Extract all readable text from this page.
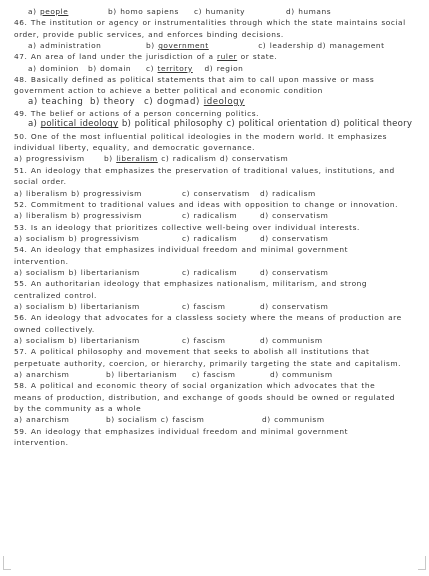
a) people	b) homo sapiens c) humanity	d) humans
46. The institution or agency or instrumentalities through which the state maintains social
order, provide public services, and enforces binding decisions.
a) administration	b) government	c) leadership d) management
47. An area of land under the jurisdiction of a ruler or state.
a) dominion b) domain c) territory d) region
48. Basically defined as political statements that aim to call upon massive or mass
government action to achieve a better political and economic condition
a) teaching b) theory c) dogmad) ideology
49. The belief or actions of a person concerning politics.
a) political ideology b) political philosophy c) political orientation d) political theory
50. One of the most influential political ideologies in the modern world. It emphasizes
individual liberty, equality, and democratic governance.
a) progressivism	b) liberalism c) radicalism d) conservatism
51. An ideology that emphasizes the preservation of traditional values, institutions, and
social order.
a) liberalism b) progressivism	c) conservatism d) radicalism
52. Commitment to traditional values and ideas with opposition to change or innovation.
a) liberalism b) progressivism	c) radicalism	d) conservatism
53. Is an ideology that prioritizes collective well-being over individual interests.
a) socialism b) progressivism	c) radicalism	d) conservatism
54. An ideology that emphasizes individual freedom and minimal government
intervention.
a) socialism b) libertarianism	c) radicalism	d) conservatism
55. An authoritarian ideology that emphasizes nationalism, militarism, and strong
centralized control.
a) socialism b) libertarianism	c) fascism	d) conservatism
56. An ideology that advocates for a classless society where the means of production are
owned collectively.
a) socialism b) libertarianism	c) fascism	d) communism
57. A political philosophy and movement that seeks to abolish all institutions that
perpetuate authority, coercion, or hierarchy, primarily targeting the state and capitalism.
a) anarchism	b) libertarianism c) fascism	d) communism
58. A political and economic theory of social organization which advocates that the
means of production, distribution, and exchange of goods should be owned or regulated
by the community as a whole
a) anarchism	b) socialism c) fascism	d) communism
59. An ideology that emphasizes individual freedom and minimal government
intervention.
